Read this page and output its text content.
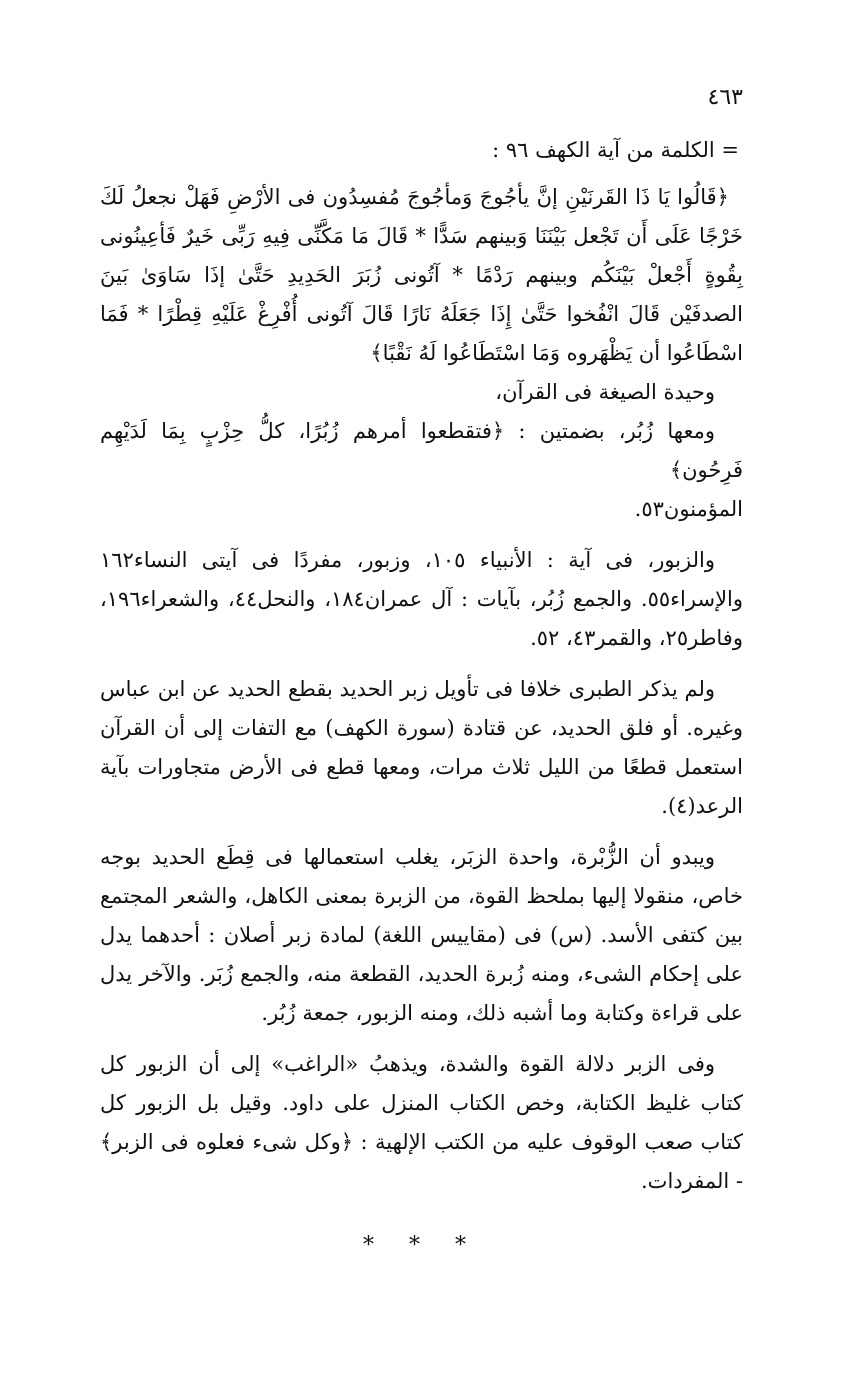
٤٦٣
= الكلمة من آية الكهف ٩٦ :
﴿قَالُوا يَا ذَا القَرنَيْنِ إنَّ يأجُوجَ وَمأجُوجَ مُفسِدُون فى الأرْضِ فَهَلْ نجعلُ لَكَ خَرْجًا عَلَى أَن تَجْعل بَيْنَنَا وَبينهم سَدًّا * قَالَ مَا مَكَّنِّى فِيهِ رَبِّى خَيرٌ فَأعِينُونى بِقُوةٍ أَجْعلْ بَيْنَكُم وبينهم رَدْمًا * آتُونى زُبَرَ الحَدِيدِ حَتَّىٰ إذَا سَاوَىٰ بَينَ الصدفَيْن قَالَ انْفُخوا حَتَّىٰ إِذَا جَعَلَهُ نَارًا قَالَ آتُونى أُفْرِغْ عَلَيْهِ قِطْرًا * فَمَا اسْطَاعُوا أن يَظْهَروه وَمَا اسْتَطَاعُوا لَهُ نَقْبًا﴾
وحيدة الصيغة فى القرآن،
ومعها زُبُر، بضمتين : ﴿فتقطعوا أمرهم زُبُرًا، كلُّ حِزْبٍ بِمَا لَدَيْهِم فَرِحُون﴾
المؤمنون٥٣.
والزبور، فى آية : الأنبياء ١٠٥، وزبور، مفردًا فى آيتى النساء١٦٢ والإسراء٥٥. والجمع زُبُر، بآيات : آل عمران١٨٤، والنحل٤٤، والشعراء١٩٦، وفاطر٢٥، والقمر٤٣، ٥٢.
ولم يذكر الطبرى خلافا فى تأويل زبر الحديد بقطع الحديد عن ابن عباس وغيره. أو فلق الحديد، عن قتادة (سورة الكهف) مع التفات إلى أن القرآن استعمل قطعًا من الليل ثلاث مرات، ومعها قطع فى الأرض متجاورات بآية الرعد(٤).
ويبدو أن الزُّبْرة، واحدة الزبَر، يغلب استعمالها فى قِطَع الحديد بوجه خاص، منقولا إليها بملحظ القوة، من الزبرة بمعنى الكاهل، والشعر المجتمع بين كتفى الأسد. (س) فى (مقاييس اللغة) لمادة زبر أصلان : أحدهما يدل على إحكام الشىء، ومنه زُبرة الحديد، القطعة منه، والجمع زُبَر. والآخر يدل على قراءة وكتابة وما أشبه ذلك، ومنه الزبور، جمعة زُبُر.
وفى الزبر دلالة القوة والشدة، ويذهبُ «الراغب» إلى أن الزبور كل كتاب غليظ الكتابة، وخص الكتاب المنزل على داود. وقيل بل الزبور كل كتاب صعب الوقوف عليه من الكتب الإلهية : ﴿وكل شىء فعلوه فى الزبر﴾ - المفردات.
* * *
